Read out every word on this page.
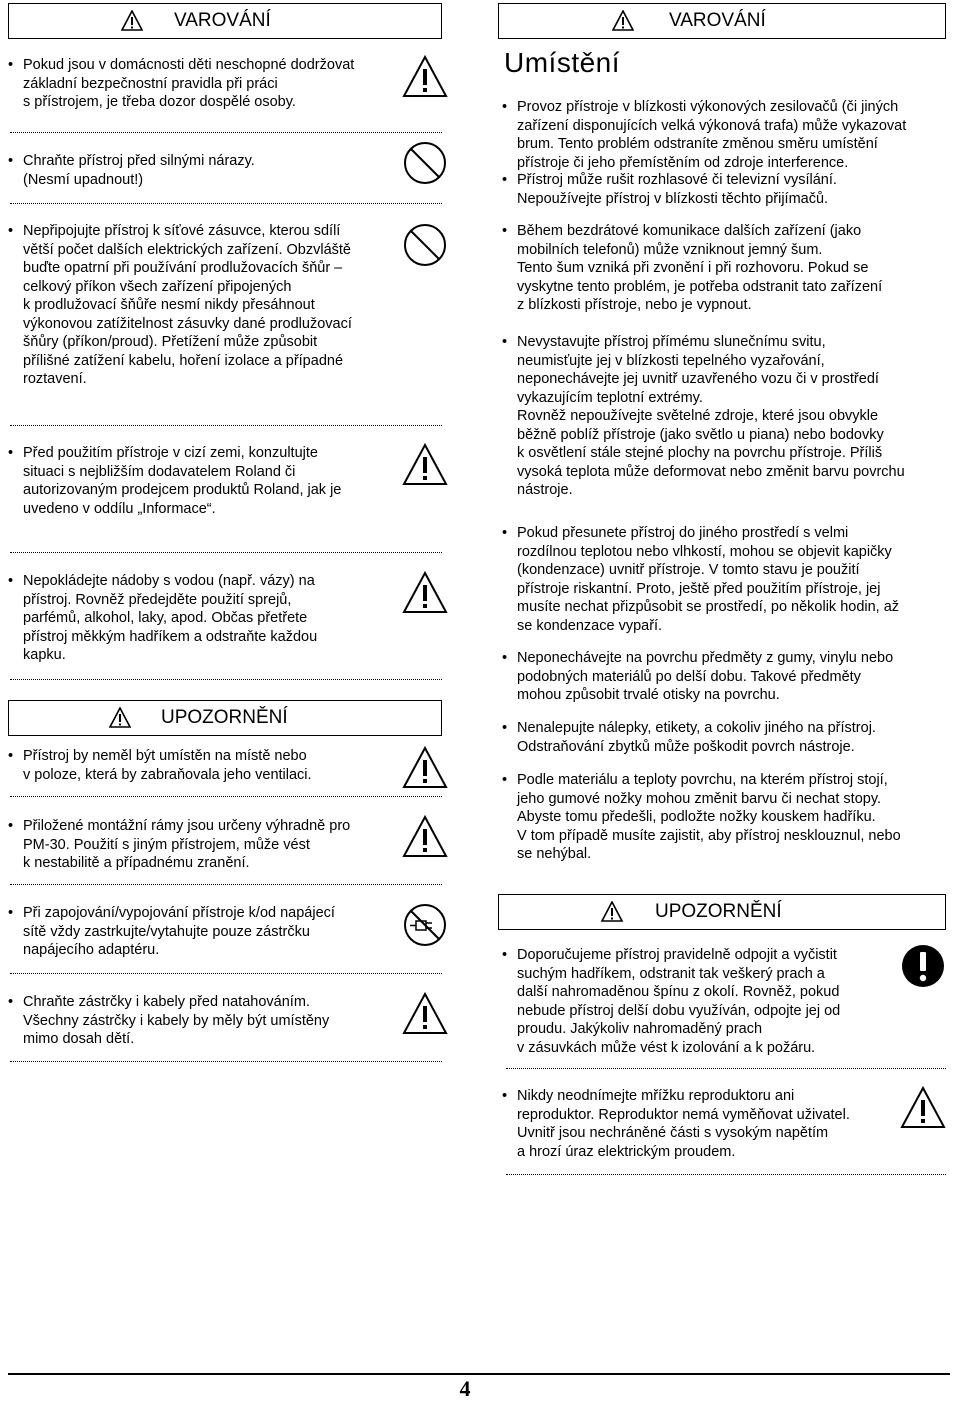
VAROVÁNÍ
• Pokud jsou v domácnosti děti neschopné dodržovat
základní bezpečnostní pravidla při práci
s přístrojem, je třeba dozor dospělé osoby.
• Chraňte přístroj před silnými nárazy.
(Nesmí upadnout!)
• Nepřipojujte přístroj k síťové zásuvce, kterou sdílí
větší počet dalších elektrických zařízení. Obzvláště
buďte opatrní při používání prodlužovacích šňůr –
celkový příkon všech zařízení připojených
k prodlužovací šňůře nesmí nikdy přesáhnout
výkonovou zatížitelnost zásuvky dané prodlužovací
šňůry (příkon/proud). Přetížení může způsobit
přílišné zatížení kabelu, hoření izolace a případné
roztavení.
• Před použitím přístroje v cizí zemi, konzultujte
situaci s nejbližším dodavatelem Roland či
autorizovaným prodejcem produktů Roland, jak je
uvedeno v oddílu „Informace“.
• Nepokládejte nádoby s vodou (např. vázy) na
přístroj. Rovněž předejděte použití sprejů,
parfémů, alkohol, laky, apod. Občas přetřete
přístroj měkkým hadříkem a odstraňte každou
kapku.
UPOZORNĚNÍ
• Přístroj by neměl být umístěn na místě nebo
v poloze, která by zabraňovala jeho ventilaci.
• Přiložené montážní rámy jsou určeny výhradně pro
PM-30. Použití s jiným přístrojem, může vést
k nestabilitě a případnému zranění.
• Při zapojování/vypojování přístroje k/od napájecí
sítě vždy zastrkujte/vytahujte pouze zástrčku
napájecího adaptéru.
• Chraňte zástrčky i kabely před natahováním.
Všechny zástrčky i kabely by měly být umístěny
mimo dosah dětí.
VAROVÁNÍ
Umístění
• Provoz přístroje v blízkosti výkonových zesilovačů (či jiných
zařízení disponujících velká výkonová trafa) může vykazovat
brum. Tento problém odstraníte změnou směru umístění
přístroje či jeho přemístěním od zdroje interference.
• Přístroj může rušit rozhlasové či televizní vysílání.
Nepoužívejte přístroj v blízkosti těchto přijímačů.
• Během bezdrátové komunikace dalších zařízení (jako
mobilních telefonů) může vzniknout jemný šum.
Tento šum vzniká při zvonění i při rozhovoru. Pokud se
vyskytne tento problém, je potřeba odstranit tato zařízení
z blízkosti přístroje, nebo je vypnout.
• Nevystavujte přístroj přímému slunečnímu svitu,
neumisťujte jej v blízkosti tepelného vyzařování,
neponechávejte jej uvnitř uzavřeného vozu či v prostředí
vykazujícím teplotní extrémy.
Rovněž nepoužívejte světelné zdroje, které jsou obvykle
běžně poblíž přístroje (jako světlo u piana) nebo bodovky
k osvětlení stále stejné plochy na povrchu přístroje. Příliš
vysoká teplota může deformovat nebo změnit barvu povrchu
nástroje.
• Pokud přesunete přístroj do jiného prostředí s velmi
rozdílnou teplotou nebo vlhkostí, mohou se objevit kapičky
(kondenzace) uvnitř přístroje. V tomto stavu je použití
přístroje riskantní. Proto, ještě před použitím přístroje, jej
musíte nechat přizpůsobit se prostředí, po několik hodin, až
se kondenzace vypaří.
• Neponechávejte na povrchu předměty z gumy, vinylu nebo
podobných materiálů po delší dobu. Takové předměty
mohou způsobit trvalé otisky na povrchu.
• Nenalepujte nálepky, etikety, a cokoliv jiného na přístroj.
Odstraňování zbytků může poškodit povrch nástroje.
• Podle materiálu a teploty povrchu, na kterém přístroj stojí,
jeho gumové nožky mohou změnit barvu či nechat stopy.
Abyste tomu předešli, podložte nožky kouskem hadříku.
V tom případě musíte zajistit, aby přístroj nesklouznul, nebo
se nehýbal.
UPOZORNĚNÍ
• Doporučujeme přístroj pravidelně odpojit a vyčistit
suchým hadříkem, odstranit tak veškerý prach a
další nahromaděnou špínu z okolí. Rovněž, pokud
nebude přístroj delší dobu využíván, odpojte jej od
proudu. Jakýkoliv nahromaděný prach
v zásuvkách může vést k izolování a k požáru.
• Nikdy neodnímejte mřížku reproduktoru ani
reproduktor. Reproduktor nemá vyměňovat uživatel.
Uvnitř jsou nechráněné části s vysokým napětím
a hrozí úraz elektrickým proudem.
4
